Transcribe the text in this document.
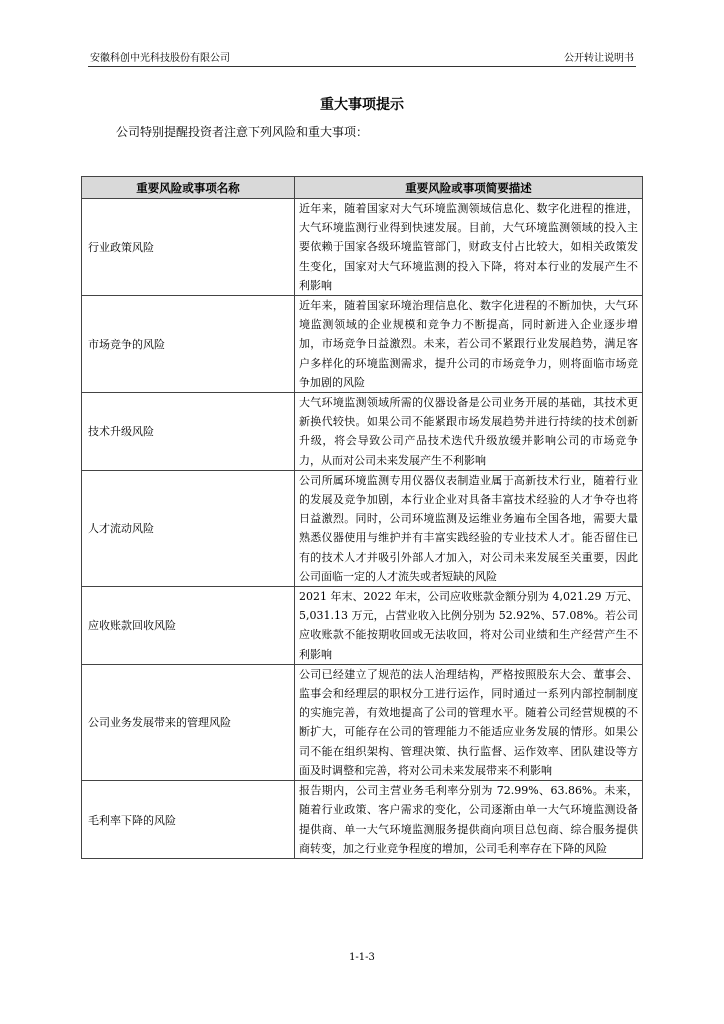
安徽科创中光科技股份有限公司	公开转让说明书
重大事项提示
公司特别提醒投资者注意下列风险和重大事项：
重要风险或事项名称	重要风险或事项简要描述
行业政策风险	近年来，随着国家对大气环境监测领域信息化、数字化进程的推进，大气环境监测行业得到快速发展。目前，大气环境监测领域的投入主要依赖于国家各级环境监管部门，财政支付占比较大，如相关政策发生变化，国家对大气环境监测的投入下降，将对本行业的发展产生不利影响
市场竞争的风险	近年来，随着国家环境治理信息化、数字化进程的不断加快，大气环境监测领域的企业规模和竞争力不断提高，同时新进入企业逐步增加，市场竞争日益激烈。未来，若公司不紧跟行业发展趋势，满足客户多样化的环境监测需求，提升公司的市场竞争力，则将面临市场竞争加剧的风险
技术升级风险	大气环境监测领域所需的仪器设备是公司业务开展的基础，其技术更新换代较快。如果公司不能紧跟市场发展趋势并进行持续的技术创新升级，将会导致公司产品技术迭代升级放缓并影响公司的市场竞争力，从而对公司未来发展产生不利影响
人才流动风险	公司所属环境监测专用仪器仪表制造业属于高新技术行业，随着行业的发展及竞争加剧，本行业企业对具备丰富技术经验的人才争夺也将日益激烈。同时，公司环境监测及运维业务遍布全国各地，需要大量熟悉仪器使用与维护并有丰富实践经验的专业技术人才。能否留住已有的技术人才并吸引外部人才加入，对公司未来发展至关重要，因此公司面临一定的人才流失或者短缺的风险
应收账款回收风险	2021 年末、2022 年末，公司应收账款金额分别为 4,021.29 万元、5,031.13 万元，占营业收入比例分别为 52.92%、57.08%。若公司应收账款不能按期收回或无法收回，将对公司业绩和生产经营产生不利影响
公司业务发展带来的管理风险	公司已经建立了规范的法人治理结构，严格按照股东大会、董事会、监事会和经理层的职权分工进行运作，同时通过一系列内部控制制度的实施完善，有效地提高了公司的管理水平。随着公司经营规模的不断扩大，可能存在公司的管理能力不能适应业务发展的情形。如果公司不能在组织架构、管理决策、执行监督、运作效率、团队建设等方面及时调整和完善，将对公司未来发展带来不利影响
毛利率下降的风险	报告期内，公司主营业务毛利率分别为 72.99%、63.86%。未来，随着行业政策、客户需求的变化，公司逐渐由单一大气环境监测设备提供商、单一大气环境监测服务提供商向项目总包商、综合服务提供商转变，加之行业竞争程度的增加，公司毛利率存在下降的风险
1-1-3
